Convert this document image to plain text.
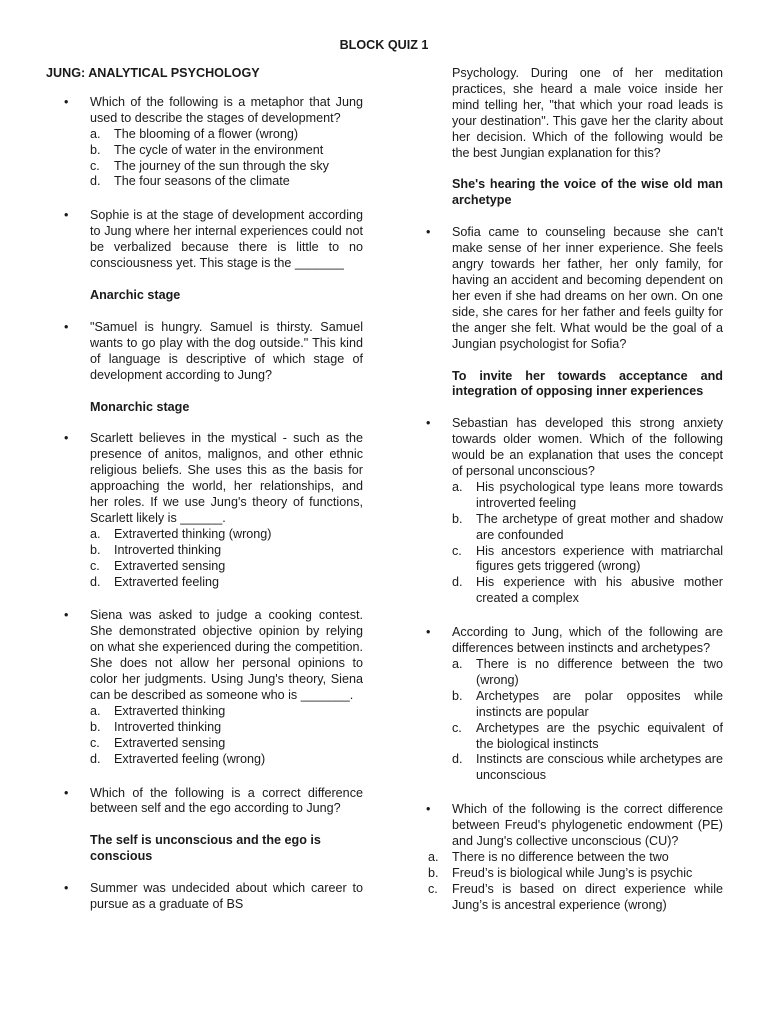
BLOCK QUIZ 1
JUNG: ANALYTICAL PSYCHOLOGY
• Which of the following is a metaphor that Jung used to describe the stages of development?
a. The blooming of a flower (wrong)
b. The cycle of water in the environment
c. The journey of the sun through the sky
d. The four seasons of the climate
• Sophie is at the stage of development according to Jung where her internal experiences could not be verbalized because there is little to no consciousness yet. This stage is the _______
Anarchic stage
• "Samuel is hungry. Samuel is thirsty. Samuel wants to go play with the dog outside." This kind of language is descriptive of which stage of development according to Jung?
Monarchic stage
• Scarlett believes in the mystical - such as the presence of anitos, malignos, and other ethnic religious beliefs. She uses this as the basis for approaching the world, her relationships, and her roles. If we use Jung's theory of functions, Scarlett likely is ______.
a. Extraverted thinking (wrong)
b. Introverted thinking
c. Extraverted sensing
d. Extraverted feeling
• Siena was asked to judge a cooking contest. She demonstrated objective opinion by relying on what she experienced during the competition. She does not allow her personal opinions to color her judgments. Using Jung's theory, Siena can be described as someone who is _______.
a. Extraverted thinking
b. Introverted thinking
c. Extraverted sensing
d. Extraverted feeling (wrong)
• Which of the following is a correct difference between self and the ego according to Jung?
The self is unconscious and the ego is conscious
• Summer was undecided about which career to pursue as a graduate of BS
Psychology. During one of her meditation practices, she heard a male voice inside her mind telling her, "that which your road leads is your destination". This gave her the clarity about her decision. Which of the following would be the best Jungian explanation for this?
She's hearing the voice of the wise old man archetype
• Sofia came to counseling because she can't make sense of her inner experience. She feels angry towards her father, her only family, for having an accident and becoming dependent on her even if she had dreams on her own. On one side, she cares for her father and feels guilty for the anger she felt. What would be the goal of a Jungian psychologist for Sofia?
To invite her towards acceptance and integration of opposing inner experiences
• Sebastian has developed this strong anxiety towards older women. Which of the following would be an explanation that uses the concept of personal unconscious?
a. His psychological type leans more towards introverted feeling
b. The archetype of great mother and shadow are confounded
c. His ancestors experience with matriarchal figures gets triggered (wrong)
d. His experience with his abusive mother created a complex
• According to Jung, which of the following are differences between instincts and archetypes?
a. There is no difference between the two (wrong)
b. Archetypes are polar opposites while instincts are popular
c. Archetypes are the psychic equivalent of the biological instincts
d. Instincts are conscious while archetypes are unconscious
• Which of the following is the correct difference between Freud's phylogenetic endowment (PE) and Jung's collective unconscious (CU)?
a. There is no difference between the two
b. Freud’s is biological while Jung’s is psychic
c. Freud’s is based on direct experience while Jung’s is ancestral experience (wrong)
